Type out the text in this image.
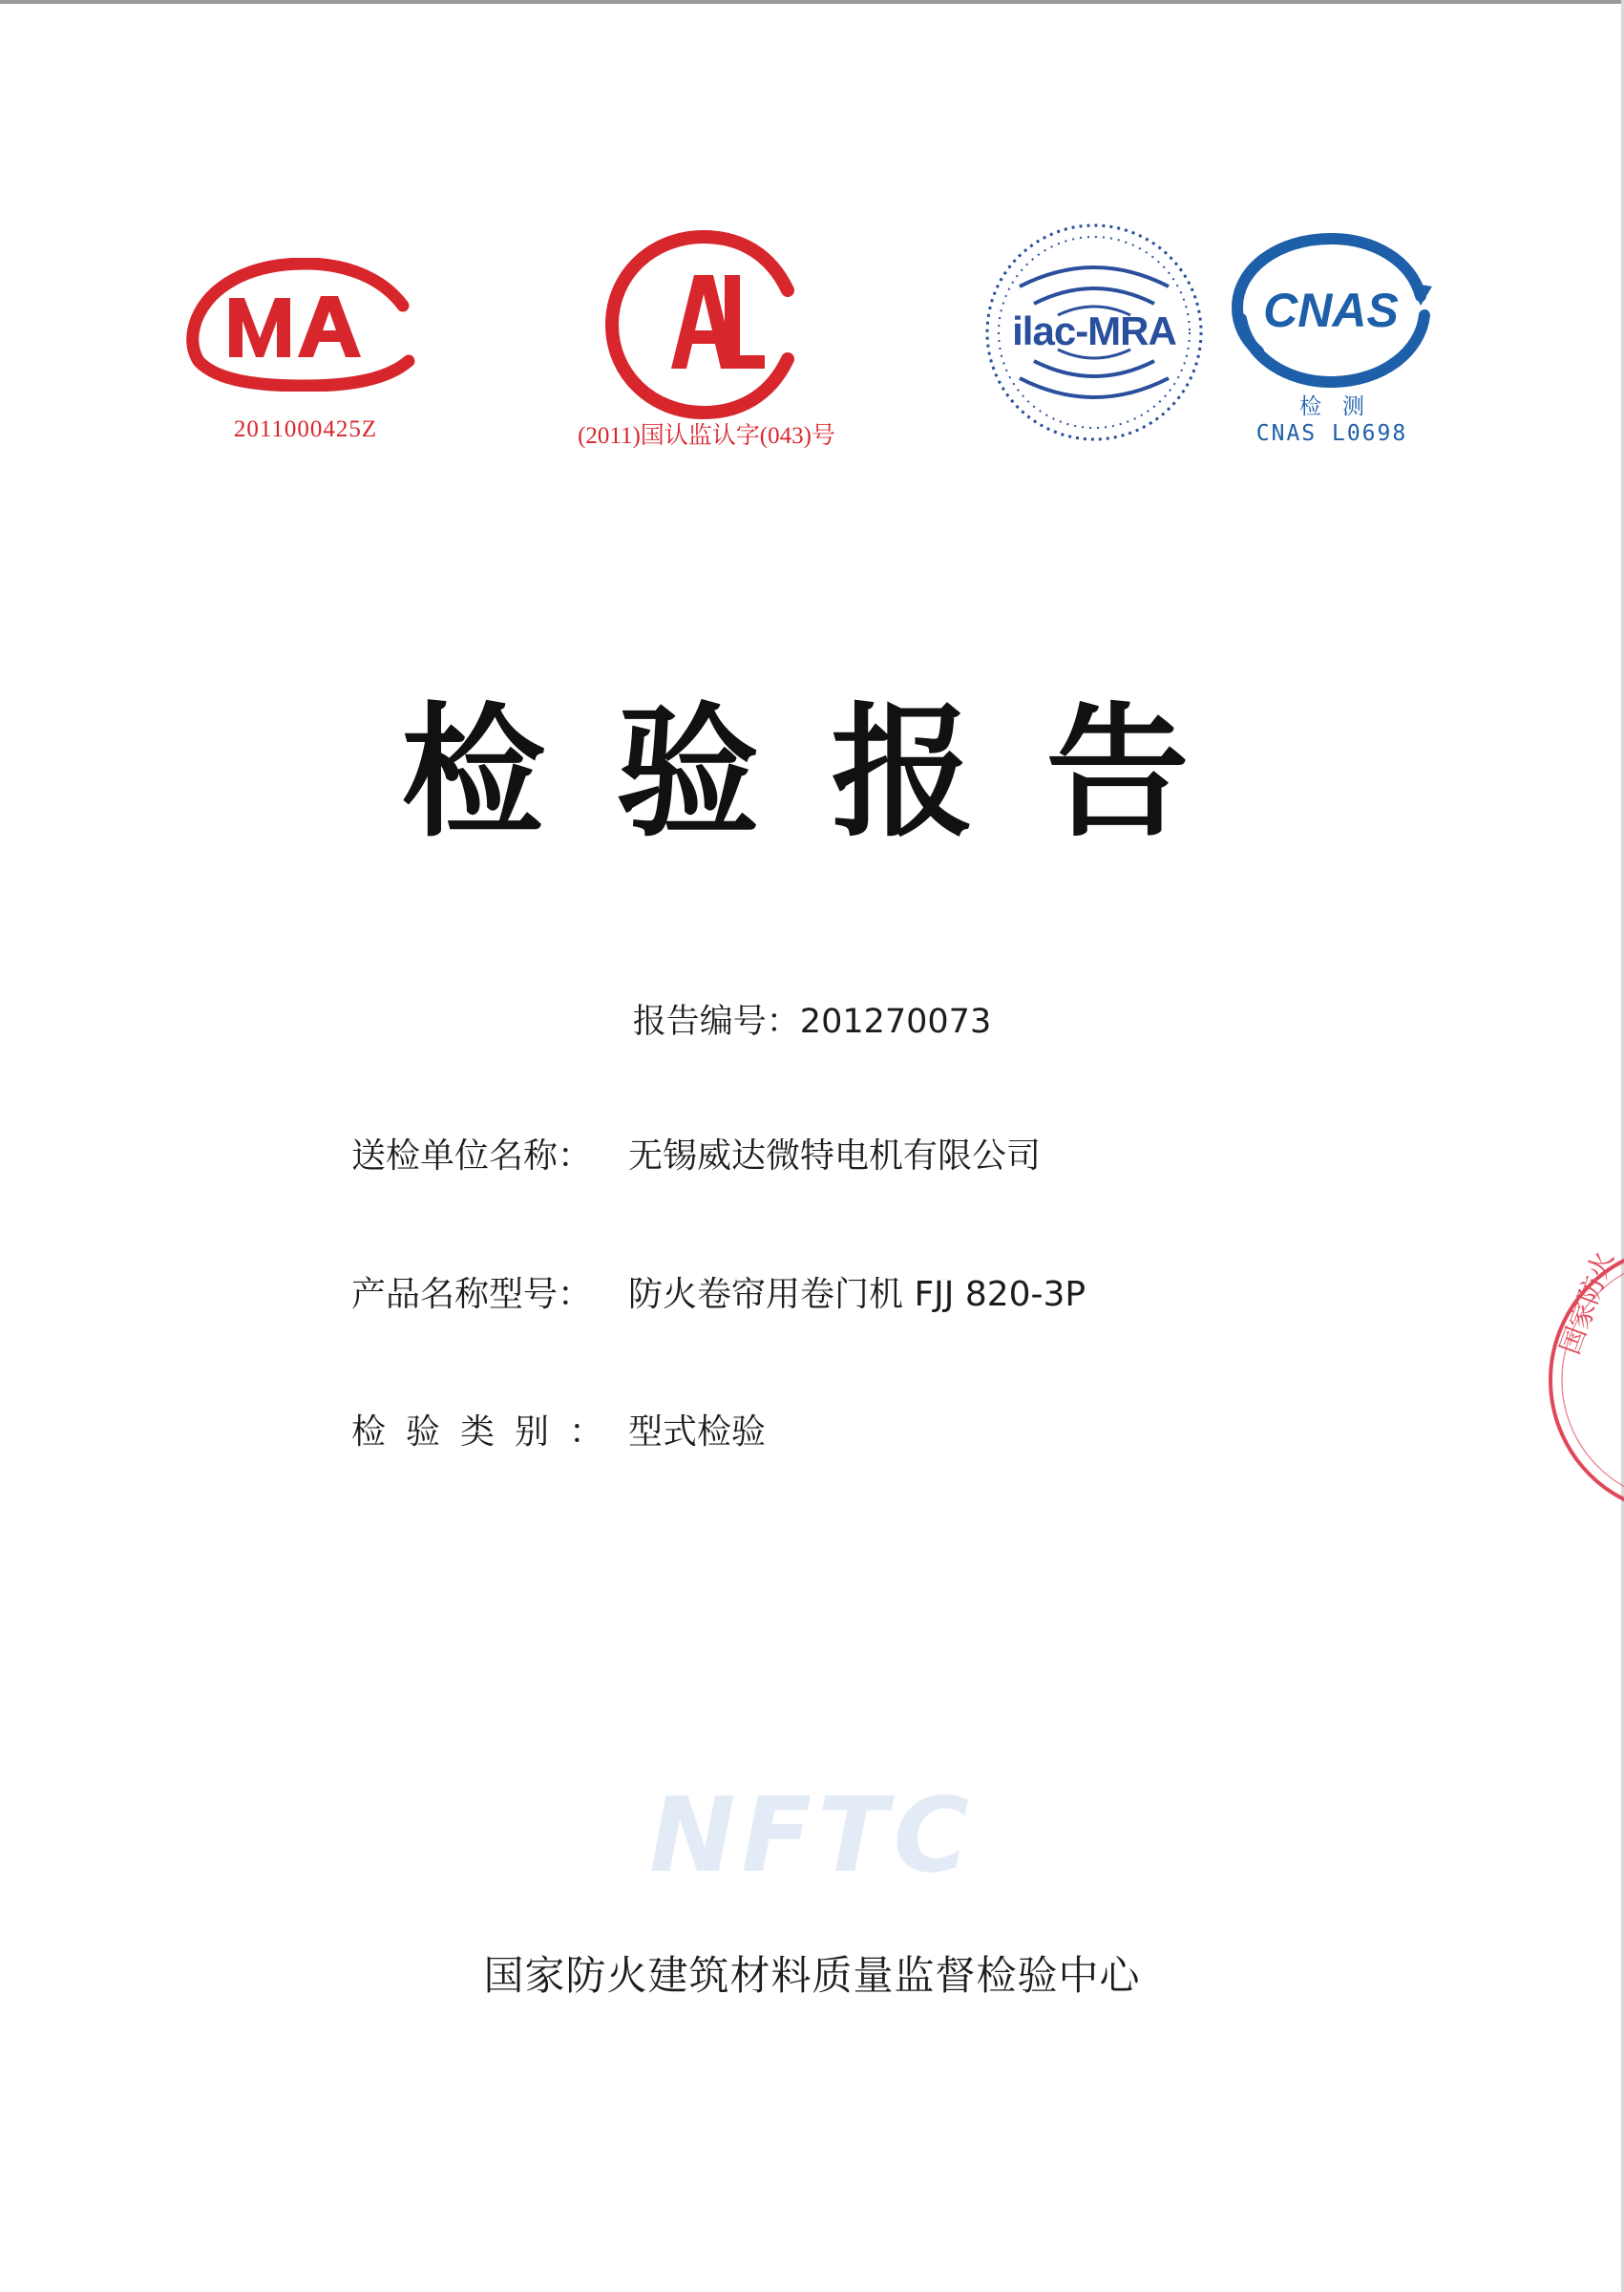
2011000425Z	(2011)国认监认字(043)号
ilac-MRA CNAS
检测
CNAS L0698
检验报告
报告编号：201270073
送检单位名称： 无锡威达微特电机有限公司
产品名称型号： 防火卷帘用卷门机 FJJ 820-3P
检验类别： 型式检验
NFTC
国家防火建筑材料质量监督检验中心
国家防火
